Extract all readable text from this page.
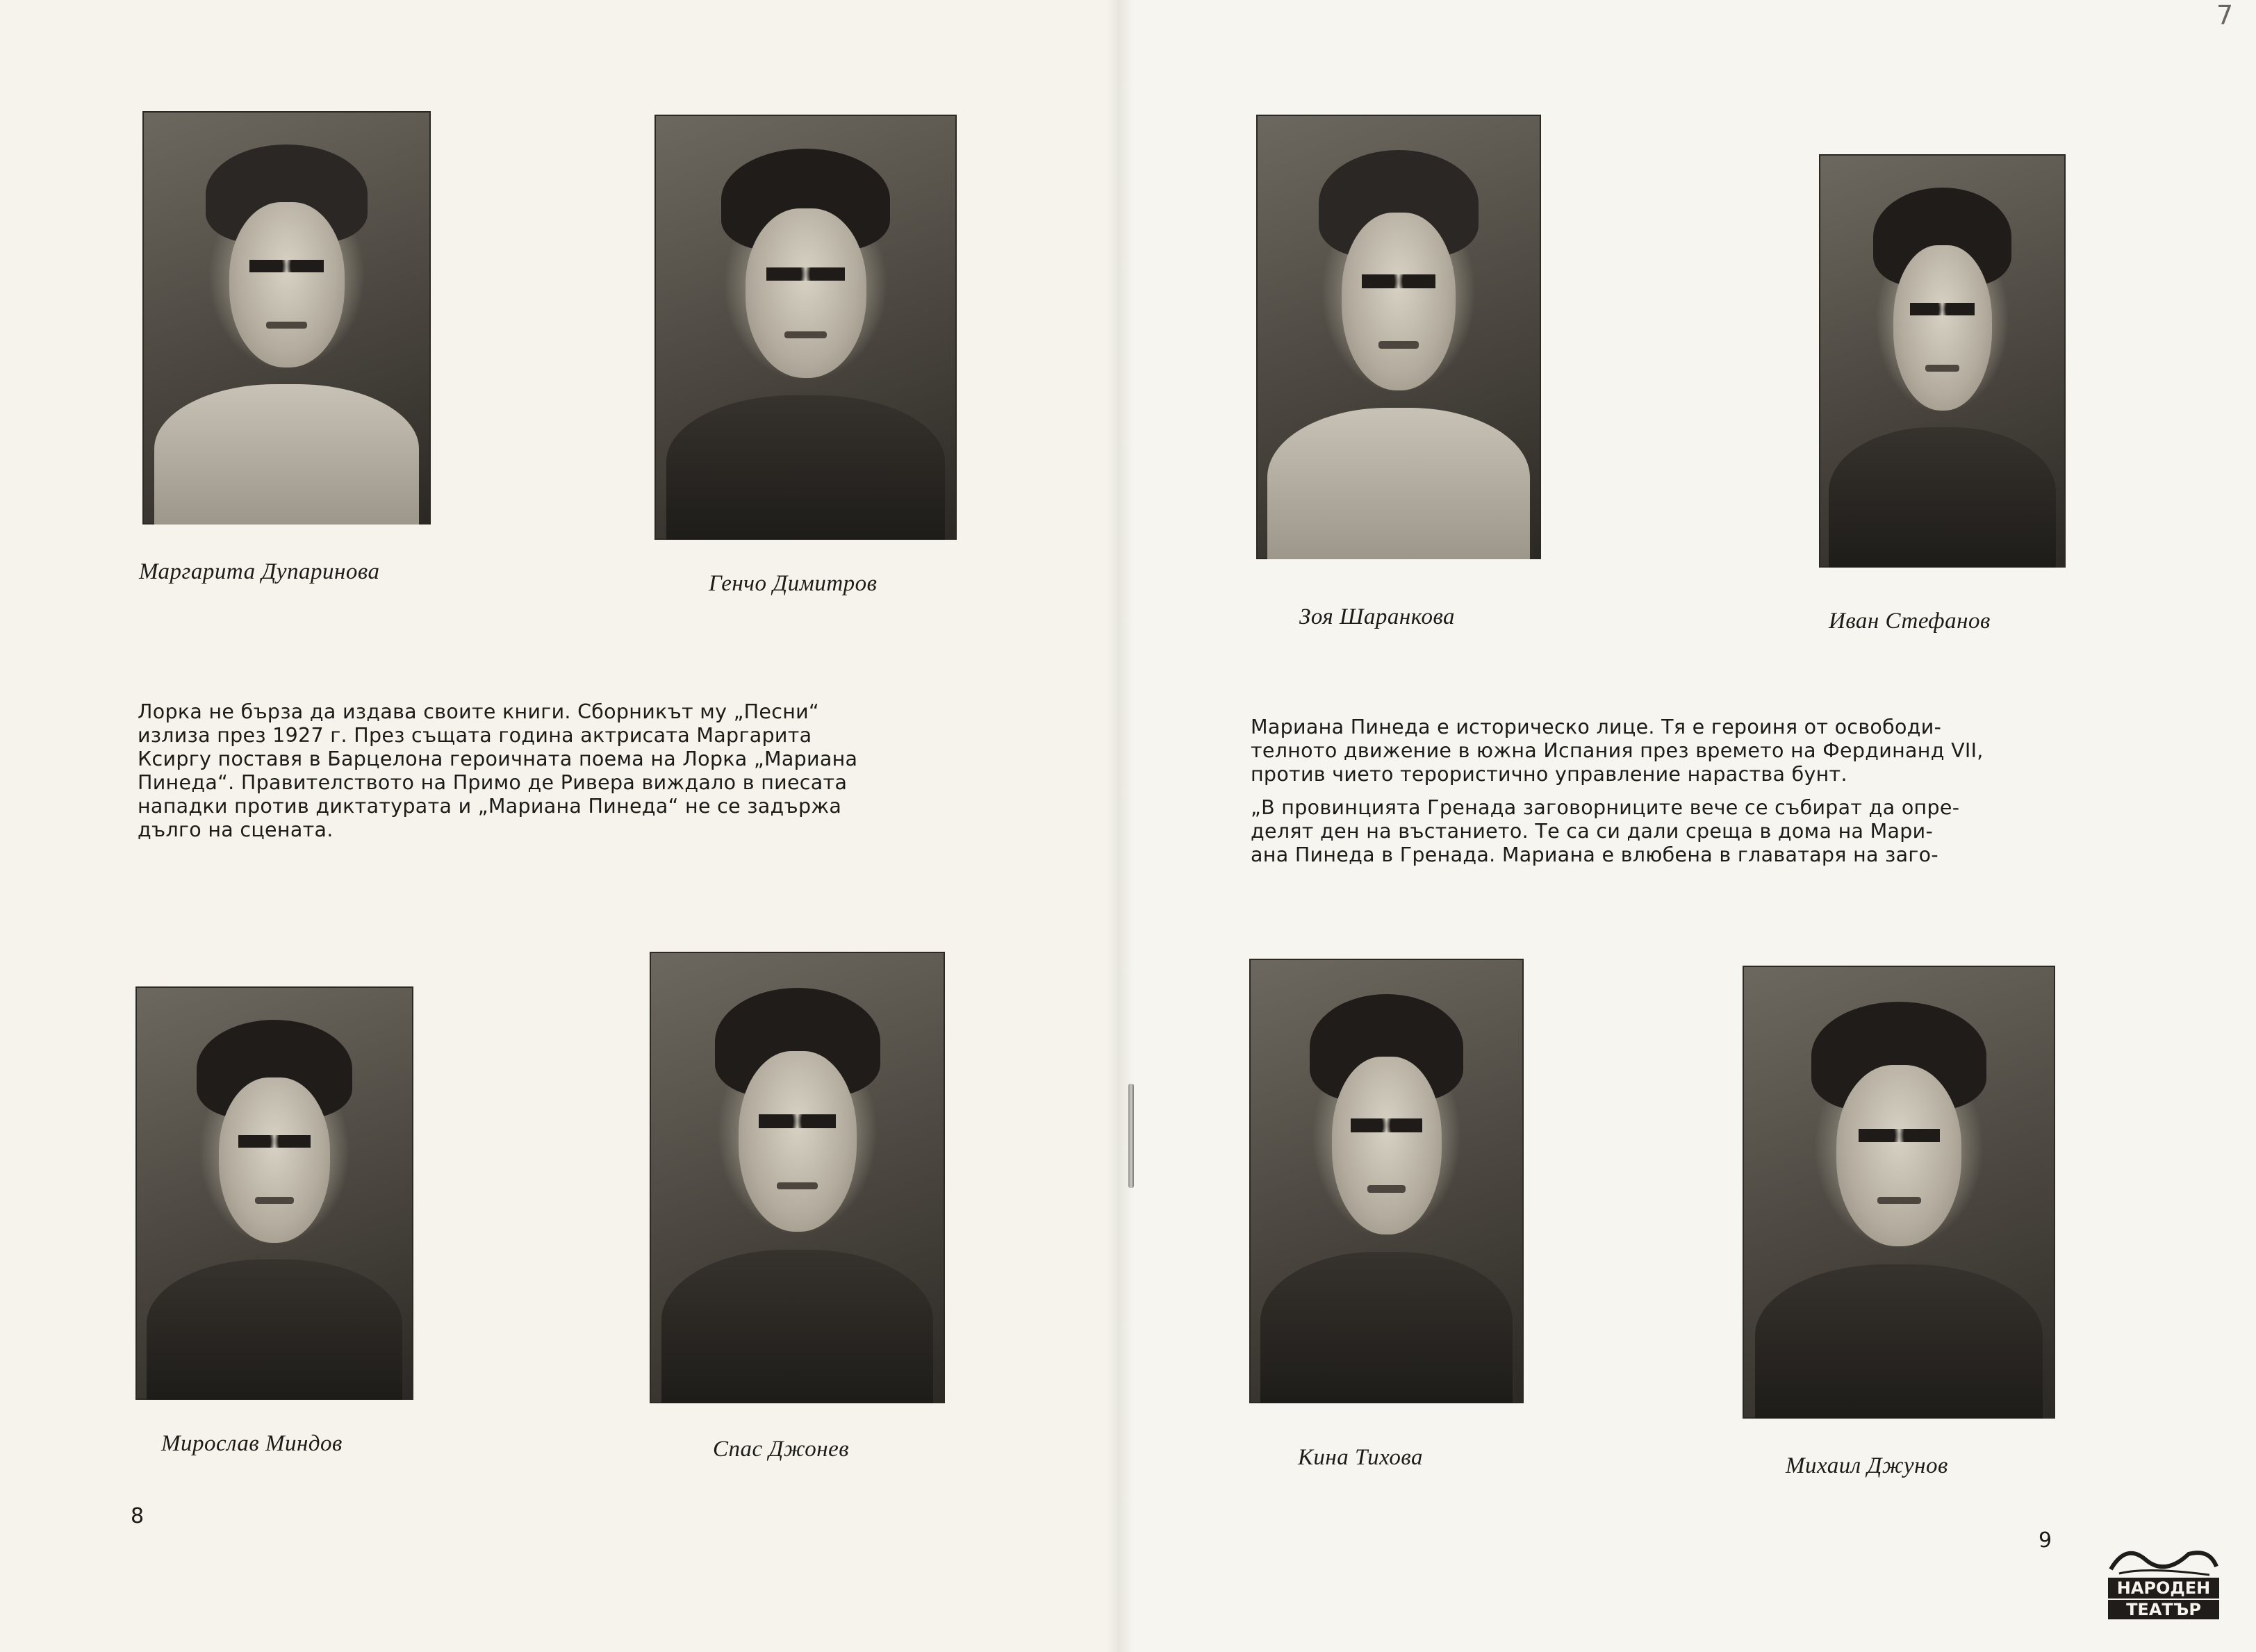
7
Маргарита Дупаринова	Генчо Димитров
Мирослав Миндов	Спас Джонев
Лорка не бърза да издава своите книги. Сборникът му „Песни“
излиза през 1927 г. През същата година актрисата Маргарита
Ксиргу поставя в Барцелона героичната поема на Лорка „Мариана
Пинеда“. Правителството на Примо де Ривера виждало в пиесата
нападки против диктатурата и „Мариана Пинеда“ не се задържа
дълго на сцената.
8
Зоя Шаранкова	Иван Стефанов
Кина Тихова	Михаил Джунов
Мариана Пинеда е историческо лице. Тя е героиня от освободи-
телното движение в южна Испания през времето на Фердинанд VII,
против чието терористично управление нараства бунт.
„В провинцията Гренада заговорниците вече се събират да опре-
делят ден на въстанието. Те са си дали среща в дома на Мари-
ана Пинеда в Гренада. Мариана е влюбена в главатаря на заго-
9
НАРОДЕН
ТЕАТЪР
